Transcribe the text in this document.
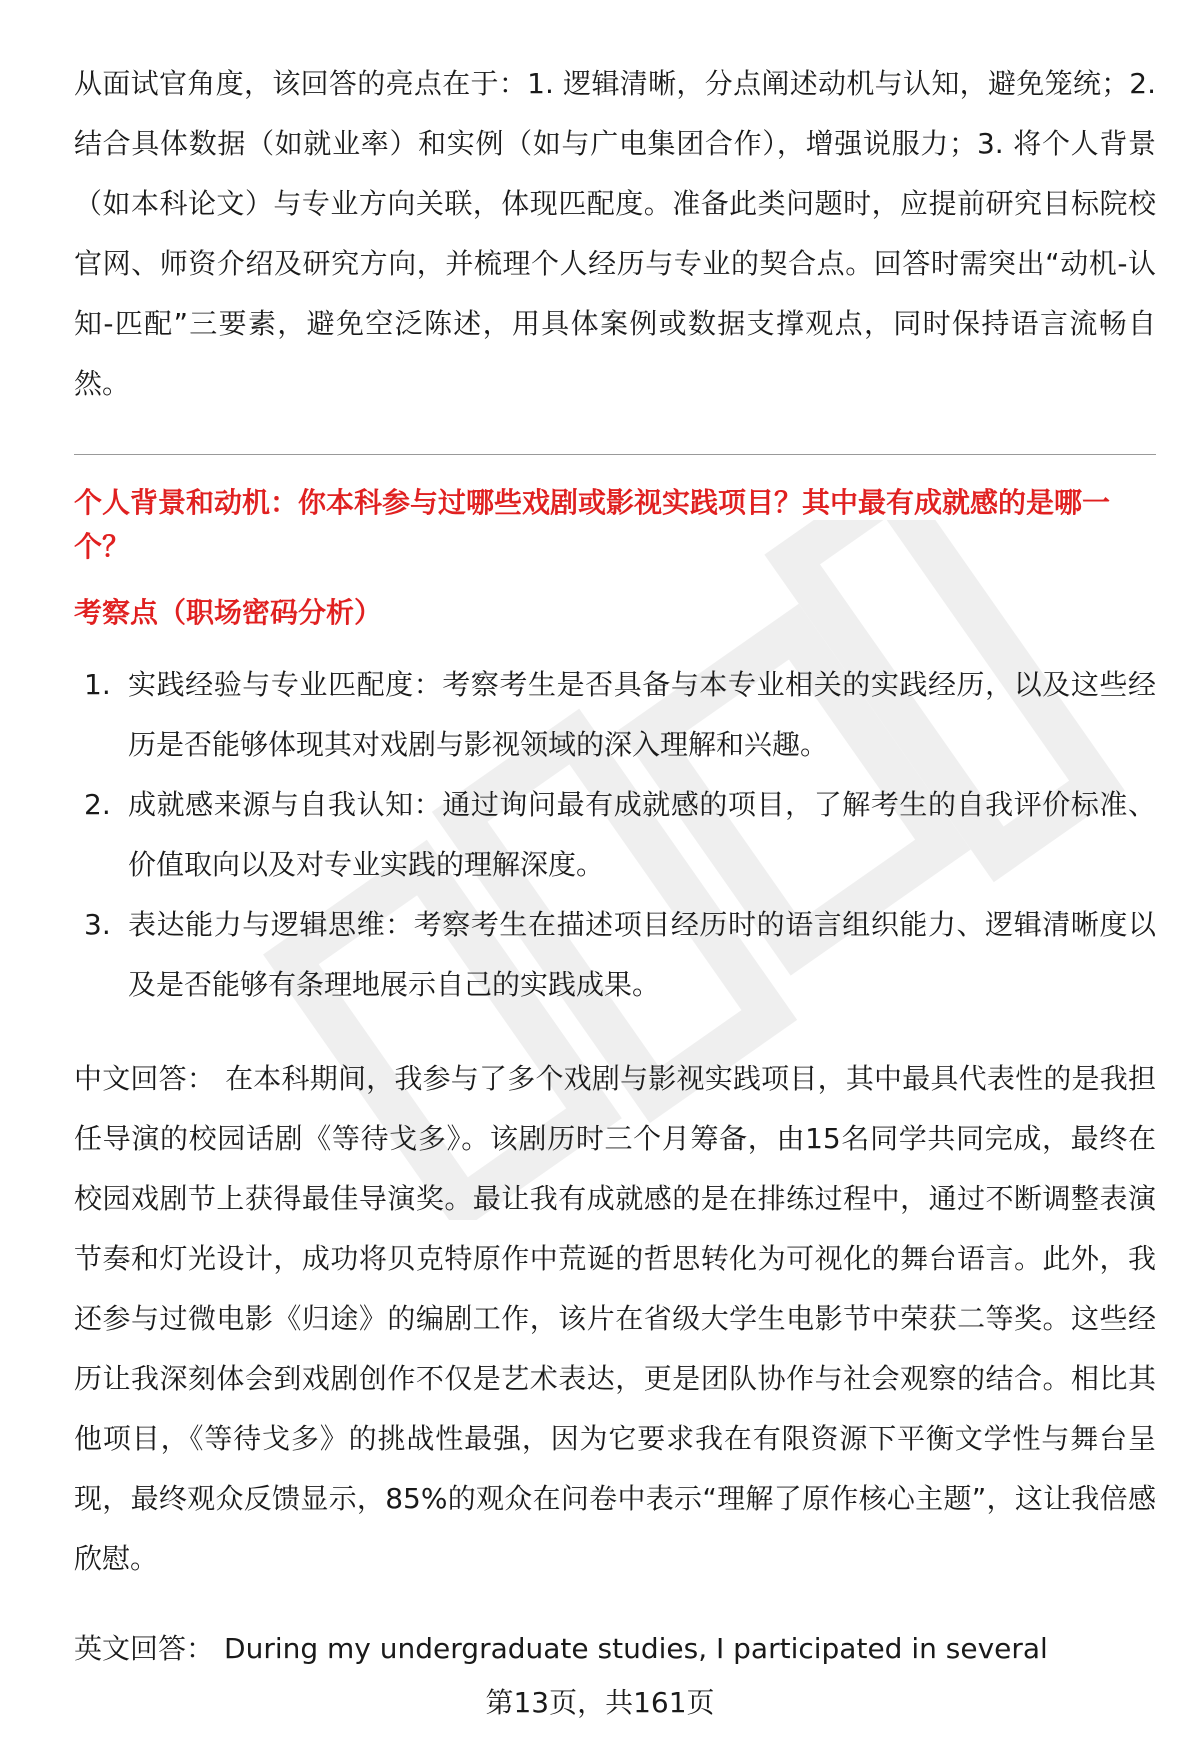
从面试官角度，该回答的亮点在于：1. 逻辑清晰，分点阐述动机与认知，避免笼统；2. 结合具体数据（如就业率）和实例（如与广电集团合作），增强说服力；3. 将个人背景（如本科论文）与专业方向关联，体现匹配度。准备此类问题时，应提前研究目标院校官网、师资介绍及研究方向，并梳理个人经历与专业的契合点。回答时需突出“动机-认知-匹配”三要素，避免空泛陈述，用具体案例或数据支撑观点，同时保持语言流畅自然。

个人背景和动机：你本科参与过哪些戏剧或影视实践项目？其中最有成就感的是哪一个？

考察点（职场密码分析）

1. 实践经验与专业匹配度：考察考生是否具备与本专业相关的实践经历，以及这些经历是否能够体现其对戏剧与影视领域的深入理解和兴趣。
2. 成就感来源与自我认知：通过询问最有成就感的项目，了解考生的自我评价标准、价值取向以及对专业实践的理解深度。
3. 表达能力与逻辑思维：考察考生在描述项目经历时的语言组织能力、逻辑清晰度以及是否能够有条理地展示自己的实践成果。

中文回答： 在本科期间，我参与了多个戏剧与影视实践项目，其中最具代表性的是我担任导演的校园话剧《等待戈多》。该剧历时三个月筹备，由15名同学共同完成，最终在校园戏剧节上获得最佳导演奖。最让我有成就感的是在排练过程中，通过不断调整表演节奏和灯光设计，成功将贝克特原作中荒诞的哲思转化为可视化的舞台语言。此外，我还参与过微电影《归途》的编剧工作，该片在省级大学生电影节中荣获二等奖。这些经历让我深刻体会到戏剧创作不仅是艺术表达，更是团队协作与社会观察的结合。相比其他项目，《等待戈多》的挑战性最强，因为它要求我在有限资源下平衡文学性与舞台呈现，最终观众反馈显示，85%的观众在问卷中表示“理解了原作核心主题”，这让我倍感欣慰。

英文回答： During my undergraduate studies, I participated in several

第13页，共161页
